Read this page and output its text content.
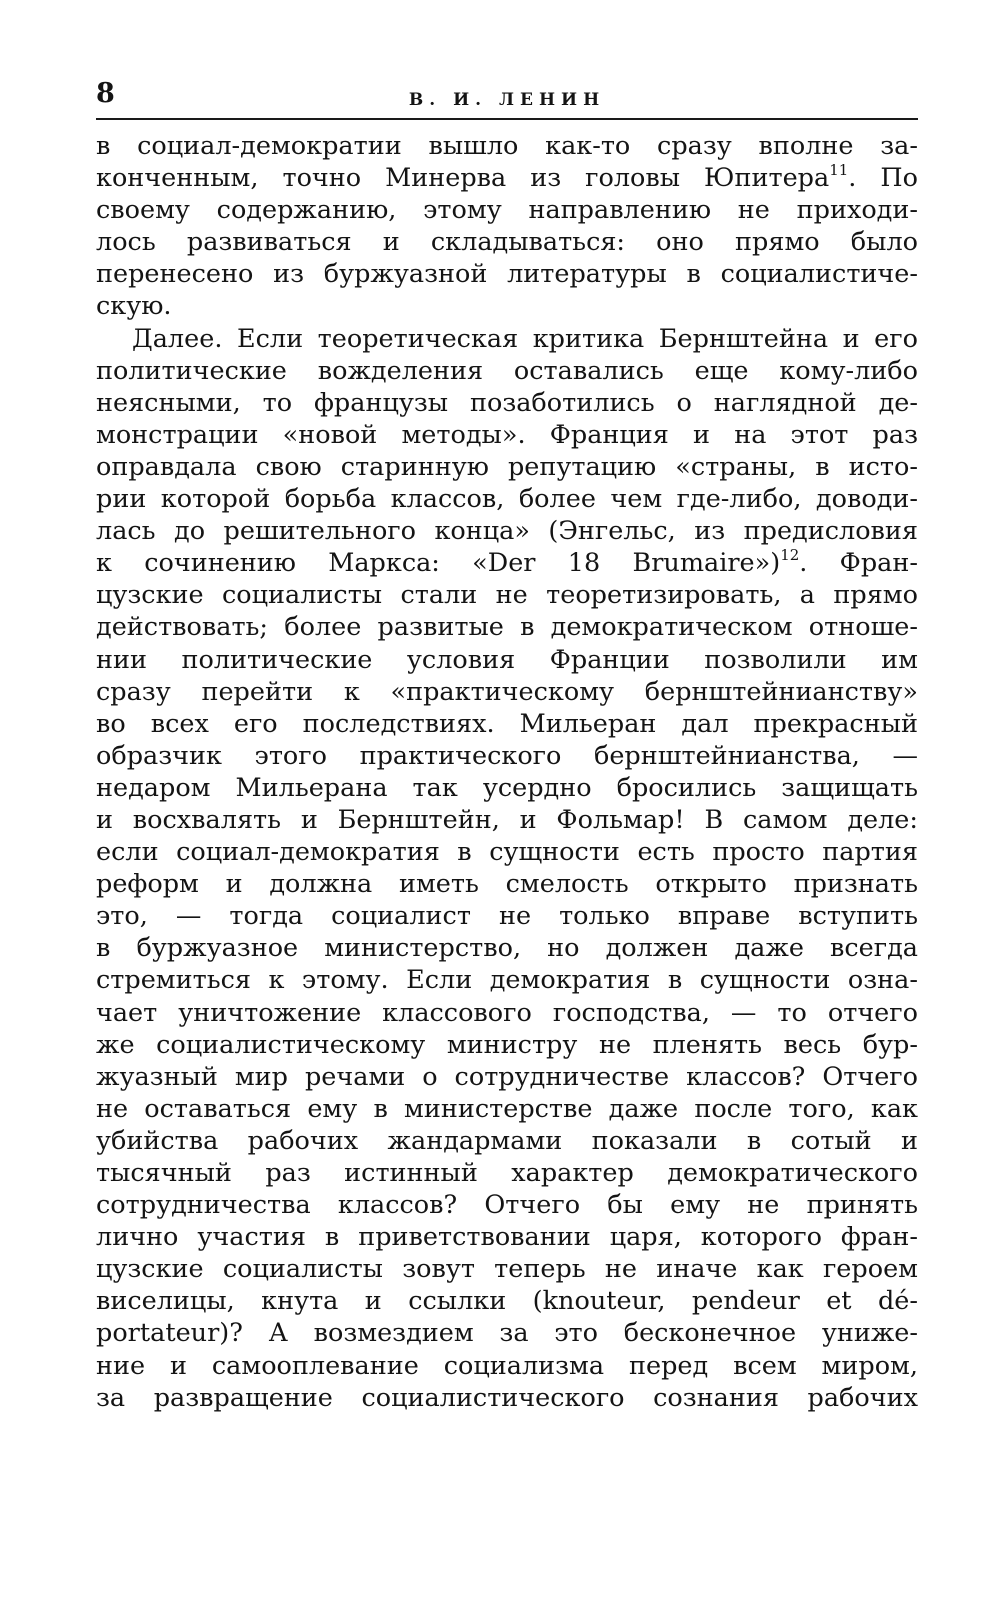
8	В. И. ЛЕНИН
в социал-демократии вышло как-то сразу вполне за-
конченным, точно Минерва из головы Юпитера$^{11}$. По
своему содержанию, этому направлению не приходи-
лось развиваться и складываться: оно прямо было
перенесено из буржуазной литературы в социалистиче-
скую.
Далее. Если теоретическая критика Бернштейна и его
политические вожделения оставались еще кому-либо
неясными, то французы позаботились о наглядной де-
монстрации «новой методы». Франция и на этот раз
оправдала свою старинную репутацию «страны, в исто-
рии которой борьба классов, более чем где-либо, доводи-
лась до решительного конца» (Энгельс, из предисловия
к сочинению Маркса: «Der 18 Brumaire»)$^{12}$. Фран-
цузские социалисты стали не теоретизировать, а прямо
действовать; более развитые в демократическом отноше-
нии политические условия Франции позволили им
сразу перейти к «практическому бернштейнианству»
во всех его последствиях. Мильеран дал прекрасный
образчик этого практического бернштейнианства, —
недаром Мильерана так усердно бросились защищать
и восхвалять и Бернштейн, и Фольмар! В самом деле:
если социал-демократия в сущности есть просто партия
реформ и должна иметь смелость открыто признать
это, — тогда социалист не только вправе вступить
в буржуазное министерство, но должен даже всегда
стремиться к этому. Если демократия в сущности озна-
чает уничтожение классового господства, — то отчего
же социалистическому министру не пленять весь бур-
жуазный мир речами о сотрудничестве классов? Отчего
не оставаться ему в министерстве даже после того, как
убийства рабочих жандармами показали в сотый и
тысячный раз истинный характер демократического
сотрудничества классов? Отчего бы ему не принять
лично участия в приветствовании царя, которого фран-
цузские социалисты зовут теперь не иначе как героем
виселицы, кнута и ссылки (knouteur, pendeur et dé-
portateur)? А возмездием за это бесконечное униже-
ние и самооплевание социализма перед всем миром,
за развращение социалистического сознания рабочих
